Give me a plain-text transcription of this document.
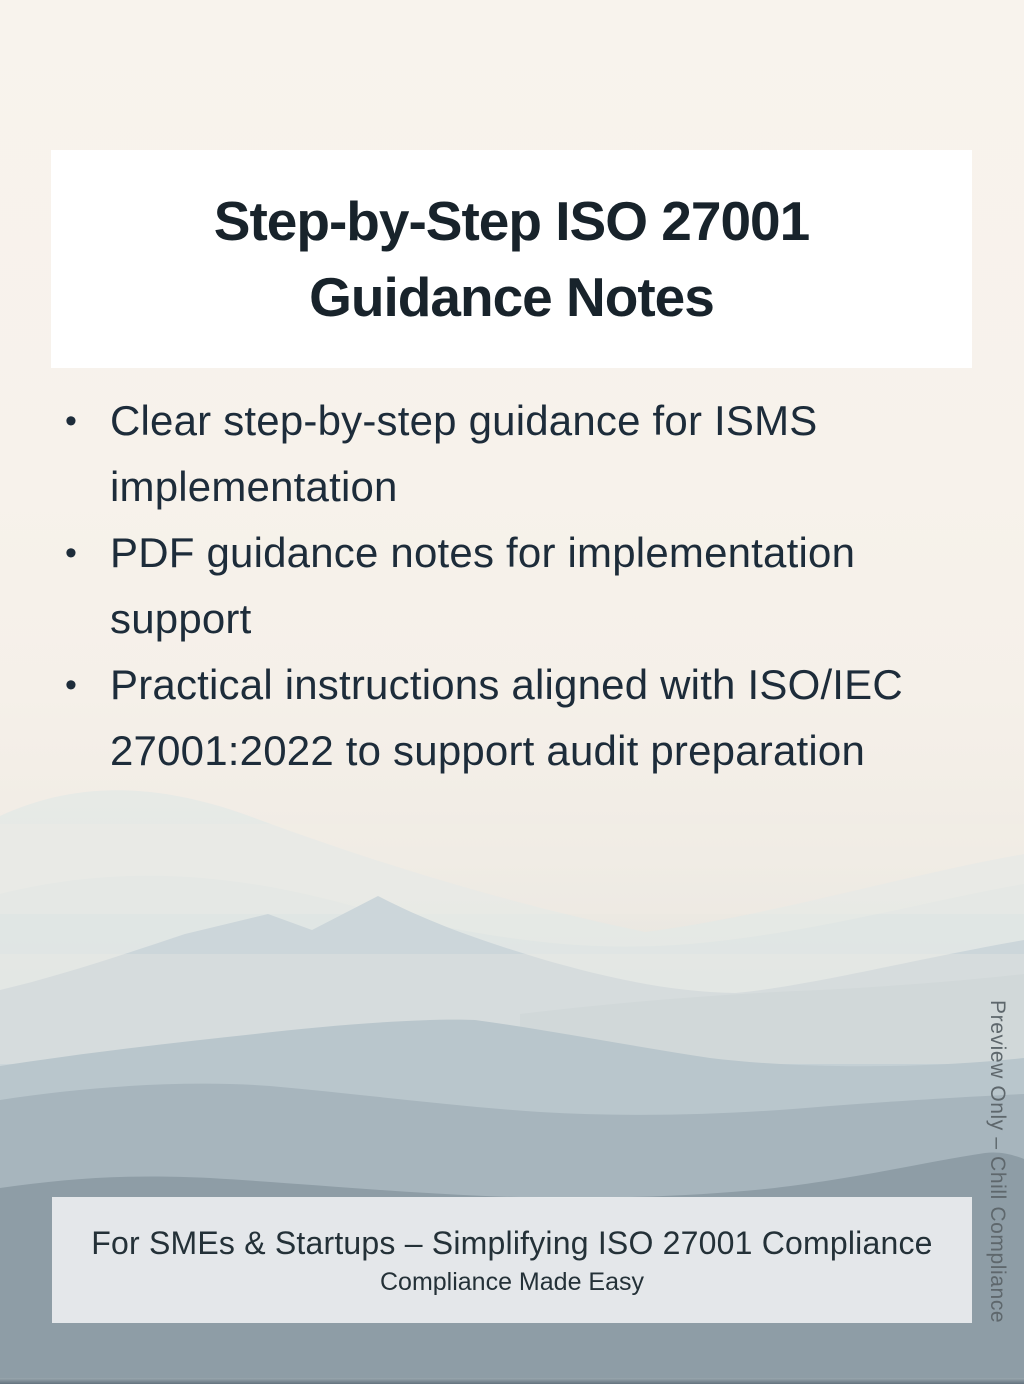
Step-by-Step ISO 27001
Guidance Notes
• Clear step-by-step guidance for ISMS implementation
• PDF guidance notes for implementation support
• Practical instructions aligned with ISO/IEC 27001:2022 to support audit preparation
For SMEs & Startups – Simplifying ISO 27001 Compliance
Compliance Made Easy	Preview Only – Chill Compliance
